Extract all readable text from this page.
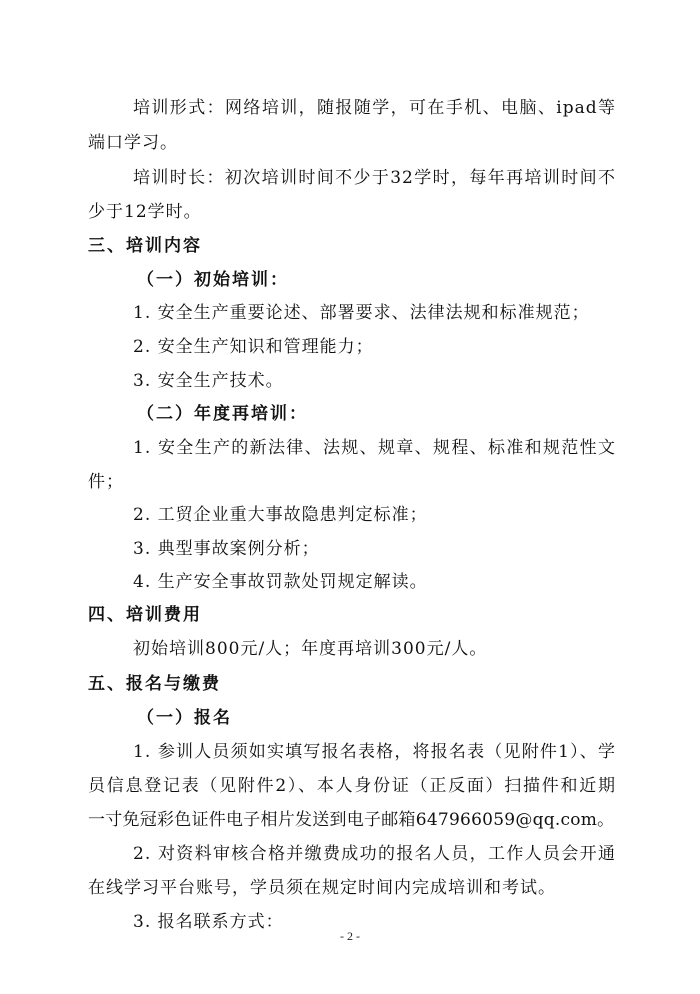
培训形式：网络培训，随报随学，可在手机、电脑、ipad等
端口学习。
培训时长：初次培训时间不少于32学时，每年再培训时间不
少于12学时。
三、培训内容
（一）初始培训：
1. 安全生产重要论述、部署要求、法律法规和标准规范；
2. 安全生产知识和管理能力；
3. 安全生产技术。
（二）年度再培训：
1. 安全生产的新法律、法规、规章、规程、标准和规范性文
件；
2. 工贸企业重大事故隐患判定标准；
3. 典型事故案例分析；
4. 生产安全事故罚款处罚规定解读。
四、培训费用
初始培训800元/人；年度再培训300元/人。
五、报名与缴费
（一）报名
1. 参训人员须如实填写报名表格，将报名表（见附件1）、学
员信息登记表（见附件2）、本人身份证（正反面）扫描件和近期
一寸免冠彩色证件电子相片发送到电子邮箱647966059@qq.com。
2. 对资料审核合格并缴费成功的报名人员，工作人员会开通
在线学习平台账号，学员须在规定时间内完成培训和考试。
3. 报名联系方式：
- 2 -
